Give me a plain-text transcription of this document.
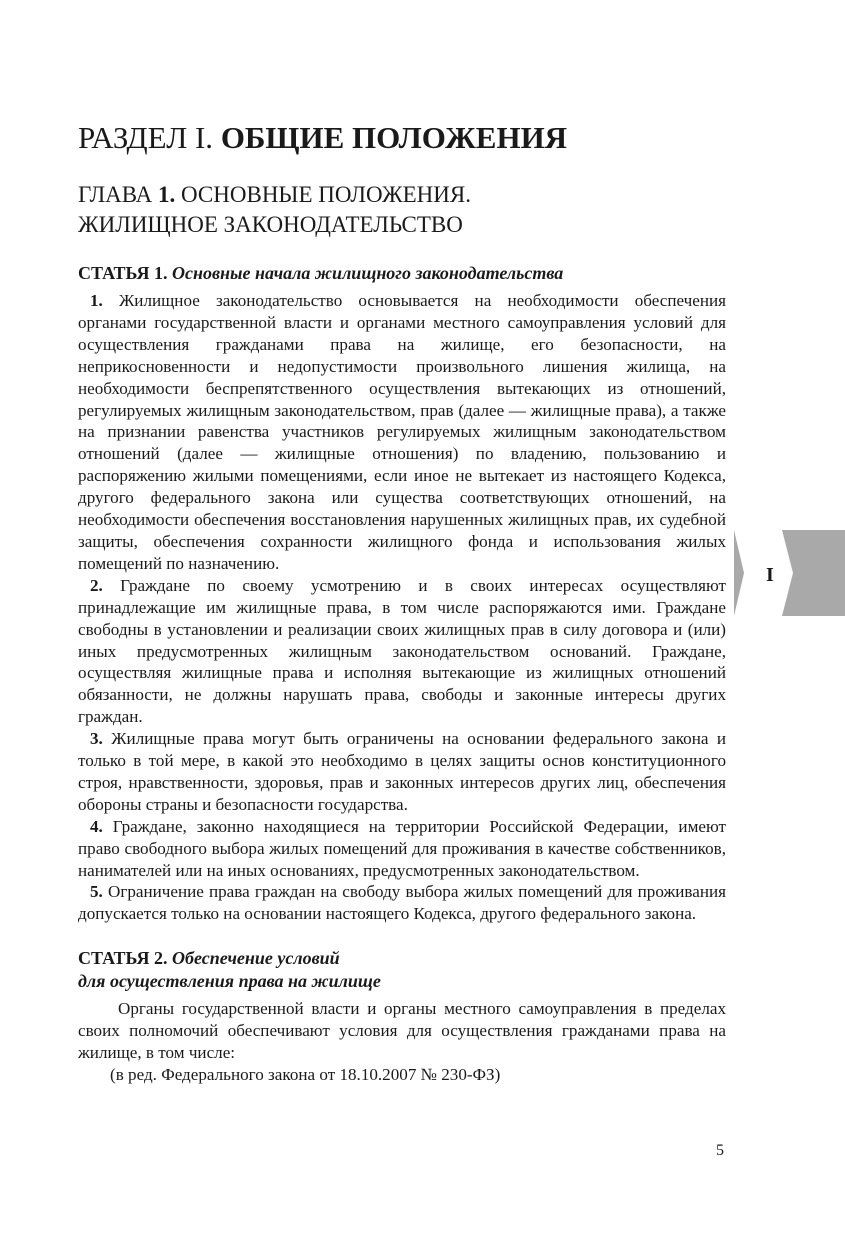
РАЗДЕЛ I. ОБЩИЕ ПОЛОЖЕНИЯ
ГЛАВА 1. ОСНОВНЫЕ ПОЛОЖЕНИЯ.
ЖИЛИЩНОЕ ЗАКОНОДАТЕЛЬСТВО
СТАТЬЯ 1. Основные начала жилищного законодательства

1. Жилищное законодательство основывается на необходимости обеспечения органами государственной власти и органами местного самоуправления условий для осуществления гражданами права на жилище, его безопасности, на неприкосновенности и недопустимости произвольного лишения жилища, на необходимости беспрепятственного осуществления вытекающих из отношений, регулируемых жилищным законодательством, прав (далее — жилищные права), а также на признании равенства участников регулируемых жилищным законодательством отношений (далее — жилищные отношения) по владению, пользованию и распоряжению жилыми помещениями, если иное не вытекает из настоящего Кодекса, другого федерального закона или существа соответствующих отношений, на необходимости обеспечения восстановления нарушенных жилищных прав, их судебной защиты, обеспечения сохранности жилищного фонда и использования жилых помещений по назначению.

2. Граждане по своему усмотрению и в своих интересах осуществляют принадлежащие им жилищные права, в том числе распоряжаются ими. Граждане свободны в установлении и реализации своих жилищных прав в силу договора и (или) иных предусмотренных жилищным законодательством оснований. Граждане, осуществляя жилищные права и исполняя вытекающие из жилищных отношений обязанности, не должны нарушать права, свободы и законные интересы других граждан.

3. Жилищные права могут быть ограничены на основании федерального закона и только в той мере, в какой это необходимо в целях защиты основ конституционного строя, нравственности, здоровья, прав и законных интересов других лиц, обеспечения обороны страны и безопасности государства.

4. Граждане, законно находящиеся на территории Российской Федерации, имеют право свободного выбора жилых помещений для проживания в качестве собственников, нанимателей или на иных основаниях, предусмотренных законодательством.

5. Ограничение права граждан на свободу выбора жилых помещений для проживания допускается только на основании настоящего Кодекса, другого федерального закона.

СТАТЬЯ 2. Обеспечение условий
для осуществления права на жилище

Органы государственной власти и органы местного самоуправления в пределах своих полномочий обеспечивают условия для осуществления гражданами права на жилище, в том числе:

(в ред. Федерального закона от 18.10.2007 № 230-ФЗ)

I
5
